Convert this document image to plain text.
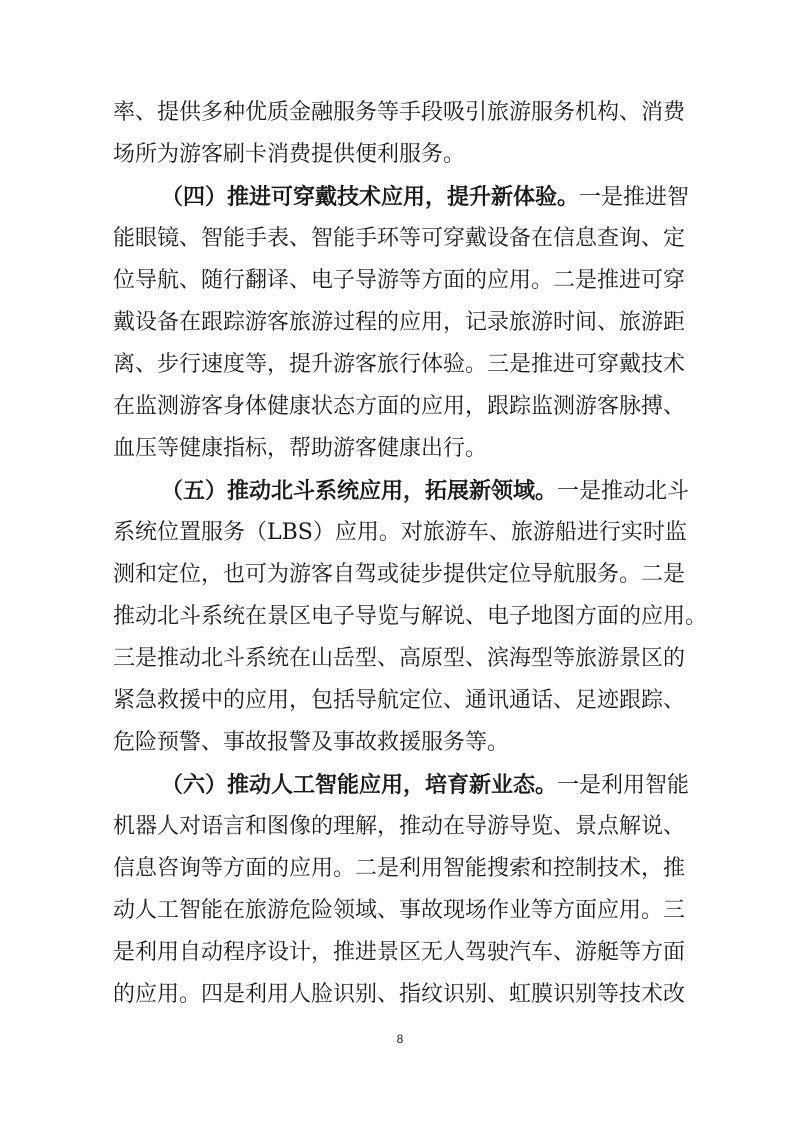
率、提供多种优质金融服务等手段吸引旅游服务机构、消费
场所为游客刷卡消费提供便利服务。
（四）推进可穿戴技术应用，提升新体验。一是推进智
能眼镜、智能手表、智能手环等可穿戴设备在信息查询、定
位导航、随行翻译、电子导游等方面的应用。二是推进可穿
戴设备在跟踪游客旅游过程的应用，记录旅游时间、旅游距
离、步行速度等，提升游客旅行体验。三是推进可穿戴技术
在监测游客身体健康状态方面的应用，跟踪监测游客脉搏、
血压等健康指标，帮助游客健康出行。
（五）推动北斗系统应用，拓展新领域。一是推动北斗
系统位置服务（LBS）应用。对旅游车、旅游船进行实时监
测和定位，也可为游客自驾或徒步提供定位导航服务。二是
推动北斗系统在景区电子导览与解说、电子地图方面的应用。
三是推动北斗系统在山岳型、高原型、滨海型等旅游景区的
紧急救援中的应用，包括导航定位、通讯通话、足迹跟踪、
危险预警、事故报警及事故救援服务等。
（六）推动人工智能应用，培育新业态。一是利用智能
机器人对语言和图像的理解，推动在导游导览、景点解说、
信息咨询等方面的应用。二是利用智能搜索和控制技术，推
动人工智能在旅游危险领域、事故现场作业等方面应用。三
是利用自动程序设计，推进景区无人驾驶汽车、游艇等方面
的应用。四是利用人脸识别、指纹识别、虹膜识别等技术改
8
